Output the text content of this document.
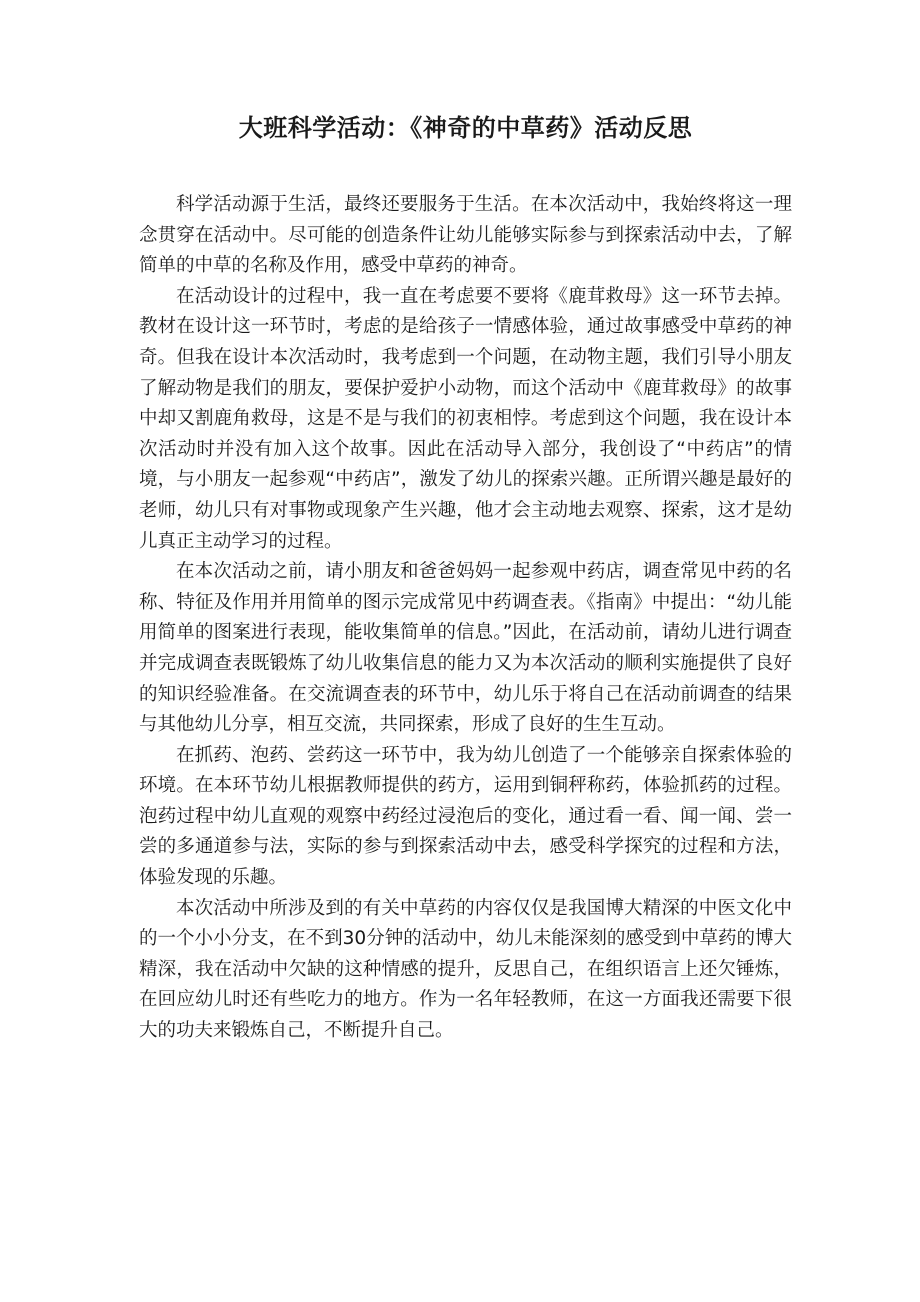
大班科学活动：《神奇的中草药》活动反思

科学活动源于生活，最终还要服务于生活。在本次活动中，我始终将这一理念贯穿在活动中。尽可能的创造条件让幼儿能够实际参与到探索活动中去，了解简单的中草的名称及作用，感受中草药的神奇。

在活动设计的过程中，我一直在考虑要不要将《鹿茸救母》这一环节去掉。教材在设计这一环节时，考虑的是给孩子一情感体验，通过故事感受中草药的神奇。但我在设计本次活动时，我考虑到一个问题，在动物主题，我们引导小朋友了解动物是我们的朋友，要保护爱护小动物，而这个活动中《鹿茸救母》的故事中却又割鹿角救母，这是不是与我们的初衷相悖。考虑到这个问题，我在设计本次活动时并没有加入这个故事。因此在活动导入部分，我创设了“中药店”的情境，与小朋友一起参观“中药店”，激发了幼儿的探索兴趣。正所谓兴趣是最好的老师，幼儿只有对事物或现象产生兴趣，他才会主动地去观察、探索，这才是幼儿真正主动学习的过程。

在本次活动之前，请小朋友和爸爸妈妈一起参观中药店，调查常见中药的名称、特征及作用并用简单的图示完成常见中药调查表。《指南》中提出：“幼儿能用简单的图案进行表现，能收集简单的信息。”因此，在活动前，请幼儿进行调查并完成调查表既锻炼了幼儿收集信息的能力又为本次活动的顺利实施提供了良好的知识经验准备。在交流调查表的环节中，幼儿乐于将自己在活动前调查的结果与其他幼儿分享，相互交流，共同探索，形成了良好的生生互动。

在抓药、泡药、尝药这一环节中，我为幼儿创造了一个能够亲自探索体验的环境。在本环节幼儿根据教师提供的药方，运用到铜秤称药，体验抓药的过程。泡药过程中幼儿直观的观察中药经过浸泡后的变化，通过看一看、闻一闻、尝一尝的多通道参与法，实际的参与到探索活动中去，感受科学探究的过程和方法，体验发现的乐趣。

本次活动中所涉及到的有关中草药的内容仅仅是我国博大精深的中医文化中的一个小小分支，在不到30分钟的活动中，幼儿未能深刻的感受到中草药的博大精深，我在活动中欠缺的这种情感的提升，反思自己，在组织语言上还欠锤炼，在回应幼儿时还有些吃力的地方。作为一名年轻教师，在这一方面我还需要下很大的功夫来锻炼自己，不断提升自己。
